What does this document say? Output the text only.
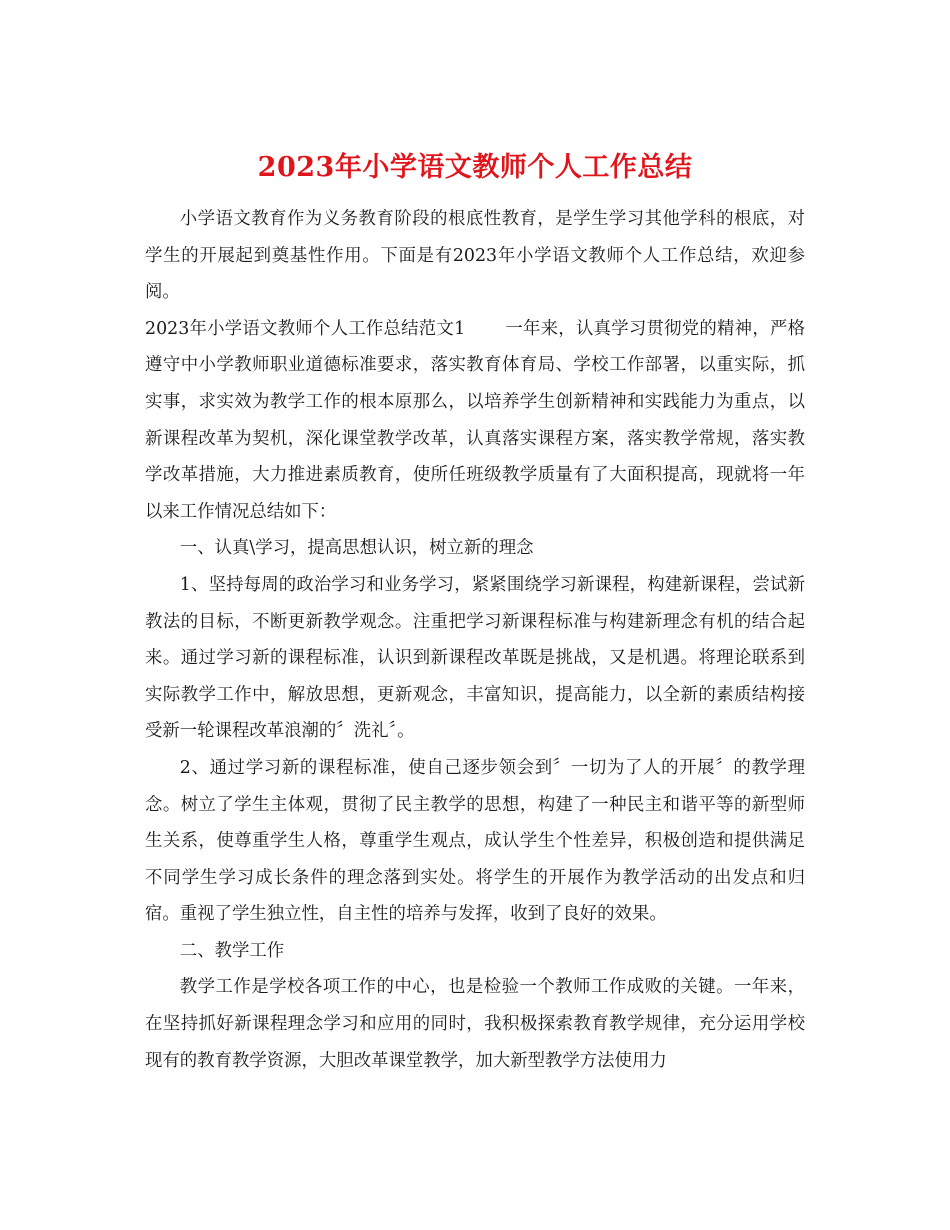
2023年小学语文教师个人工作总结

小学语文教育作为义务教育阶段的根底性教育，是学生学习其他学科的根底，对学生的开展起到奠基性作用。下面是有2023年小学语文教师个人工作总结，欢迎参阅。

2023年小学语文教师个人工作总结范文1 一年来，认真学习贯彻党的精神，严格遵守中小学教师职业道德标准要求，落实教育体育局、学校工作部署，以重实际，抓实事，求实效为教学工作的根本原那么，以培养学生创新精神和实践能力为重点，以新课程改革为契机，深化课堂教学改革，认真落实课程方案，落实教学常规，落实教学改革措施，大力推进素质教育，使所任班级教学质量有了大面积提高，现就将一年以来工作情况总结如下：

一、认真\学习，提高思想认识，树立新的理念

1、坚持每周的政治学习和业务学习，紧紧围绕学习新课程，构建新课程，尝试新教法的目标，不断更新教学观念。注重把学习新课程标准与构建新理念有机的结合起来。通过学习新的课程标准，认识到新课程改革既是挑战，又是机遇。将理论联系到实际教学工作中，解放思想，更新观念，丰富知识，提高能力，以全新的素质结构接受新一轮课程改革浪潮的〞洗礼〞。

2、通过学习新的课程标准，使自己逐步领会到〞一切为了人的开展〞的教学理念。树立了学生主体观，贯彻了民主教学的思想，构建了一种民主和谐平等的新型师生关系，使尊重学生人格，尊重学生观点，成认学生个性差异，积极创造和提供满足不同学生学习成长条件的理念落到实处。将学生的开展作为教学活动的出发点和归宿。重视了学生独立性，自主性的培养与发挥，收到了良好的效果。

二、教学工作

教学工作是学校各项工作的中心，也是检验一个教师工作成败的关键。一年来，在坚持抓好新课程理念学习和应用的同时，我积极探索教育教学规律，充分运用学校现有的教育教学资源，大胆改革课堂教学，加大新型教学方法使用力
